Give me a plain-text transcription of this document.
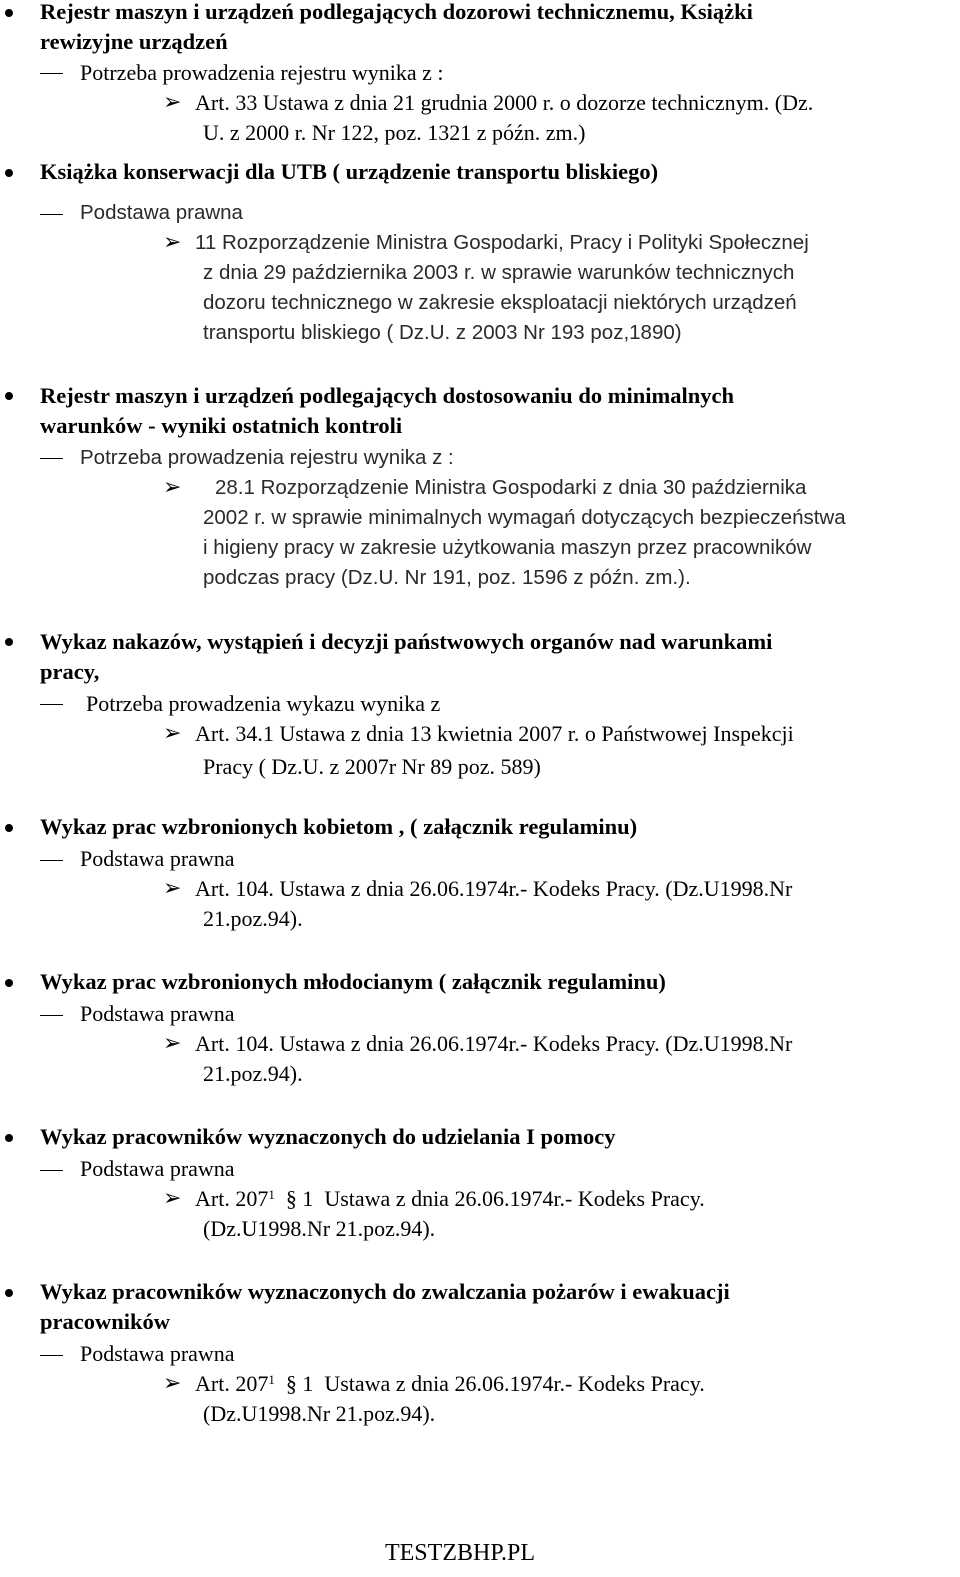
Rejestr maszyn i urządzeń podlegających dozorowi technicznemu, Książki
rewizyjne urządzeń
Potrzeba prowadzenia rejestru wynika z :
➢ Art. 33 Ustawa z dnia 21 grudnia 2000 r. o dozorze technicznym. (Dz.
U. z 2000 r. Nr 122, poz. 1321 z późn. zm.)
Książka konserwacji dla UTB ( urządzenie transportu bliskiego)
Podstawa prawna
➢ 11 Rozporządzenie Ministra Gospodarki, Pracy i Polityki Społecznej
z dnia 29 października 2003 r. w sprawie warunków technicznych
dozoru technicznego w zakresie eksploatacji niektórych urządzeń
transportu bliskiego ( Dz.U. z 2003 Nr 193 poz,1890)
Rejestr maszyn i urządzeń podlegających dostosowaniu do minimalnych
warunków - wyniki ostatnich kontroli
Potrzeba prowadzenia rejestru wynika z :
➢ 28.1 Rozporządzenie Ministra Gospodarki z dnia 30 października
2002 r. w sprawie minimalnych wymagań dotyczących bezpieczeństwa
i higieny pracy w zakresie użytkowania maszyn przez pracowników
podczas pracy (Dz.U. Nr 191, poz. 1596 z późn. zm.).
Wykaz nakazów, wystąpień i decyzji państwowych organów nad warunkami
pracy,
Potrzeba prowadzenia wykazu wynika z
➢ Art. 34.1 Ustawa z dnia 13 kwietnia 2007 r. o Państwowej Inspekcji
Pracy ( Dz.U. z 2007r Nr 89 poz. 589)
Wykaz prac wzbronionych kobietom , ( załącznik regulaminu)
Podstawa prawna
➢ Art. 104. Ustawa z dnia 26.06.1974r.- Kodeks Pracy. (Dz.U1998.Nr
21.poz.94).
Wykaz prac wzbronionych młodocianym ( załącznik regulaminu)
Podstawa prawna
➢ Art. 104. Ustawa z dnia 26.06.1974r.- Kodeks Pracy. (Dz.U1998.Nr
21.poz.94).
Wykaz pracowników wyznaczonych do udzielania I pomocy
Podstawa prawna
➢ Art. $207^1$  § 1  Ustawa z dnia 26.06.1974r.- Kodeks Pracy.
(Dz.U1998.Nr 21.poz.94).
Wykaz pracowników wyznaczonych do zwalczania pożarów i ewakuacji
pracowników
Podstawa prawna
➢ Art. $207^1$  § 1  Ustawa z dnia 26.06.1974r.- Kodeks Pracy.
(Dz.U1998.Nr 21.poz.94).
TESTZBHP.PL
